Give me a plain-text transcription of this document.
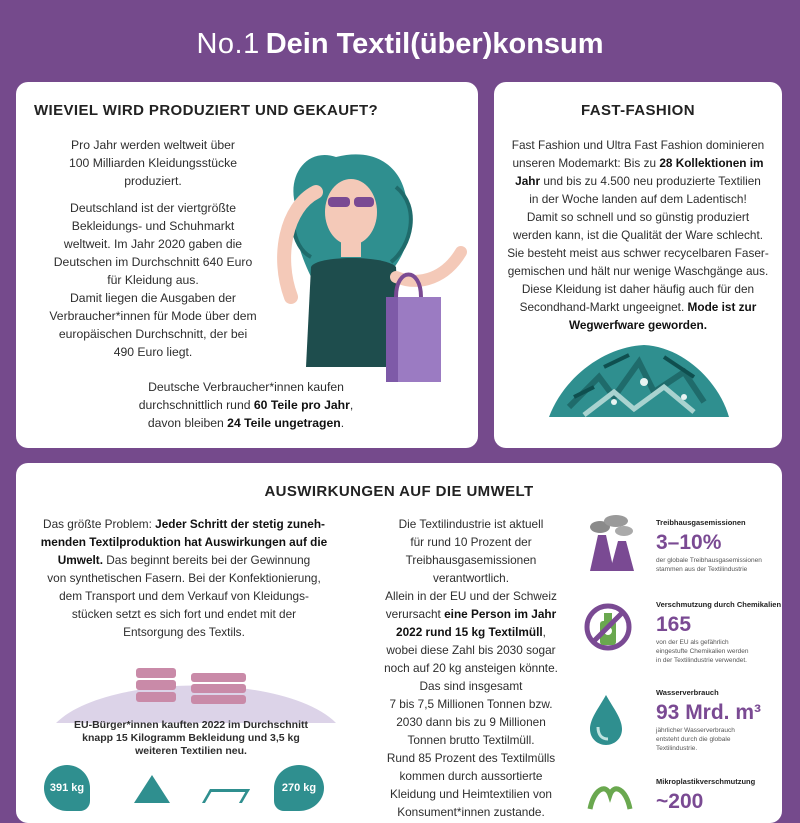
No.1 Dein Textil(über)konsum
WIEVIEL WIRD PRODUZIERT UND GEKAUFT?
Pro Jahr werden weltweit über
100 Milliarden Kleidungsstücke
produziert.
Deutschland ist der viertgrößte
Bekleidungs- und Schuhmarkt
weltweit. Im Jahr 2020 gaben die
Deutschen im Durchschnitt 640 Euro
für Kleidung aus.
Damit liegen die Ausgaben der
Verbraucher*innen für Mode über dem
europäischen Durchschnitt, der bei
490 Euro liegt.
Deutsche Verbraucher*innen kaufen
durchschnittlich rund 60 Teile pro Jahr,
davon bleiben 24 Teile ungetragen.
FAST-FASHION
Fast Fashion und Ultra Fast Fashion dominieren
unseren Modemarkt: Bis zu 28 Kollektionen im
Jahr und bis zu 4.500 neu produzierte Textilien
in der Woche landen auf dem Ladentisch!
Damit so schnell und so günstig produziert
werden kann, ist die Qualität der Ware schlecht.
Sie besteht meist aus schwer recycelbaren Faser-
gemischen und hält nur wenige Waschgänge aus.
Diese Kleidung ist daher häufig auch für den
Secondhand-Markt ungeeignet. Mode ist zur
Wegwerfware geworden.
AUSWIRKUNGEN AUF DIE UMWELT
Das größte Problem: Jeder Schritt der stetig zuneh-
menden Textilproduktion hat Auswirkungen auf die
Umwelt. Das beginnt bereits bei der Gewinnung
von synthetischen Fasern. Bei der Konfektionierung,
dem Transport und dem Verkauf von Kleidungs-
stücken setzt es sich fort und endet mit der
Entsorgung des Textils.
EU-Bürger*innen kauften 2022 im Durchschnitt
knapp 15 Kilogramm Bekleidung und 3,5 kg
weiteren Textilien neu.
391 kg	270 kg
Die Textilindustrie ist aktuell
für rund 10 Prozent der
Treibhausgasemissionen
verantwortlich.
Allein in der EU und der Schweiz
verursacht eine Person im Jahr
2022 rund 15 kg Textilmüll,
wobei diese Zahl bis 2030 sogar
noch auf 20 kg ansteigen könnte.
Das sind insgesamt
7 bis 7,5 Millionen Tonnen bzw.
2030 dann bis zu 9 Millionen
Tonnen brutto Textilmüll.
Rund 85 Prozent des Textilmülls
kommen durch aussortierte
Kleidung und Heimtextilien von
Konsument*innen zustande.
Treibhausgasemissionen
3–10%
der globale Treibhausgasemissionen
stammen aus der Textilindustrie
Verschmutzung durch Chemikalien
165
von der EU als gefährlich
eingestufte Chemikalien werden
in der Textilindustrie verwendet.
Wasserverbrauch
93 Mrd. m³
jährlicher Wasserverbrauch
entsteht durch die globale
Textilindustrie.
Mikroplastikverschmutzung
~200
